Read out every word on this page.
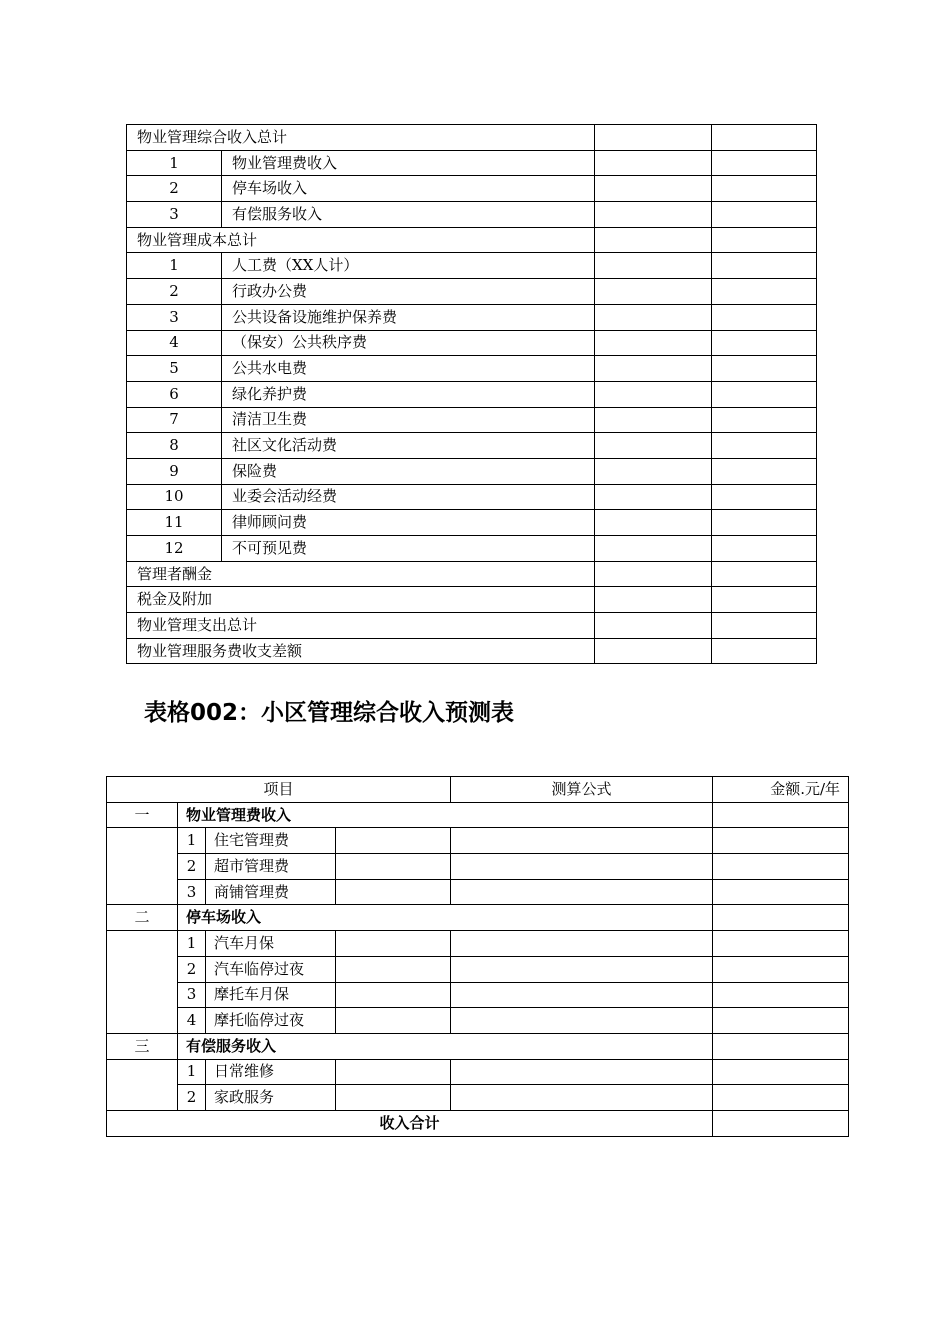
物业管理综合收入总计			
1	物业管理费收入		
2	停车场收入		
3	有偿服务收入		
物业管理成本总计			
1	人工费（XX人计）		
2	行政办公费		
3	公共设备设施维护保养费		
4	（保安）公共秩序费		
5	公共水电费		
6	绿化养护费		
7	清洁卫生费		
8	社区文化活动费		
9	保险费		
10	业委会活动经费		
11	律师顾问费		
12	不可预见费		
管理者酬金			
税金及附加			
物业管理支出总计			
物业管理服务费收支差额			
表格002：小区管理综合收入预测表
项目				测算公式	金额.元/年
一	物业管理费收入				
	1	住宅管理费			
	2	超市管理费			
	3	商铺管理费			
二	停车场收入				
	1	汽车月保			
	2	汽车临停过夜			
	3	摩托车月保			
	4	摩托临停过夜			
三	有偿服务收入				
	1	日常维修			
	2	家政服务			
收入合计					
